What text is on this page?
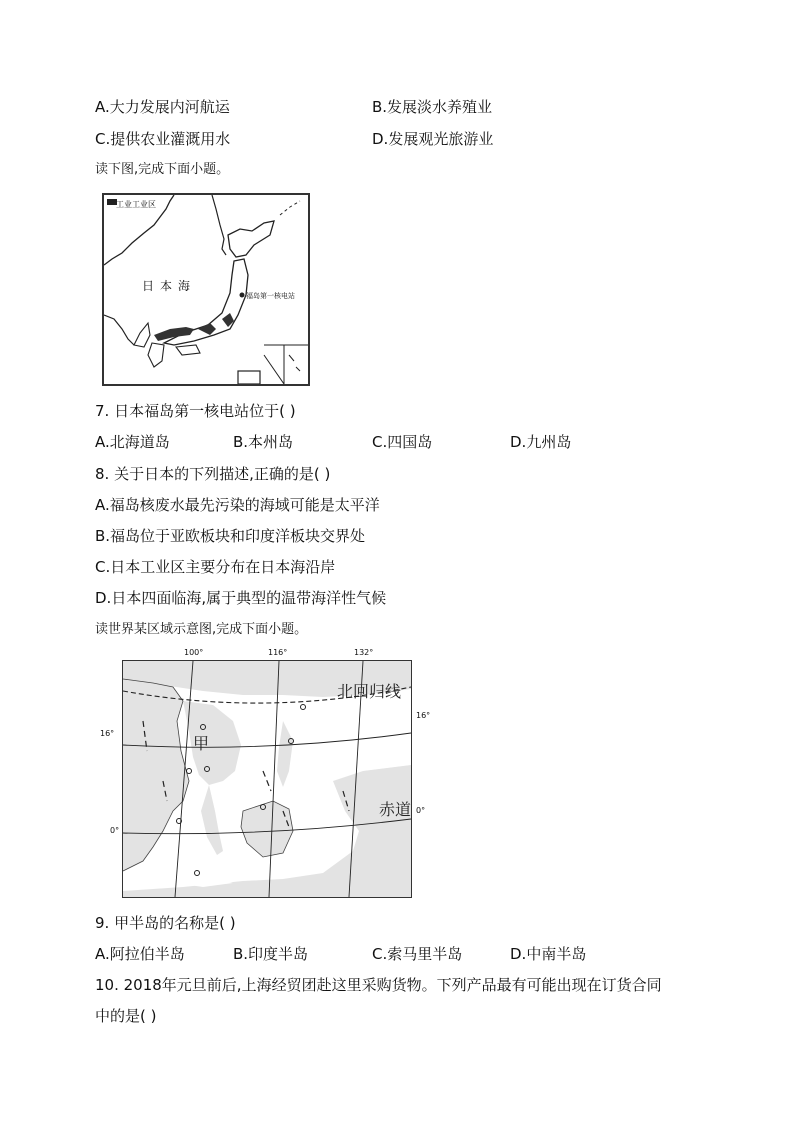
A.大力发展内河航运	B.发展淡水养殖业
C.提供农业灌溉用水	D.发展观光旅游业
读下图,完成下面小题。
工业工业区
日本海
福岛第一核电站
7. 日本福岛第一核电站位于( )
A.北海道岛	B.本州岛	C.四国岛	D.九州岛
8. 关于日本的下列描述,正确的是( )
A.福岛核废水最先污染的海域可能是太平洋
B.福岛位于亚欧板块和印度洋板块交界处
C.日本工业区主要分布在日本海沿岸
D.日本四面临海,属于典型的温带海洋性气候
读世界某区域示意图,完成下面小题。
100°	116°	132°
16°
0°
16°
0°
北回归线
赤道
甲
9. 甲半岛的名称是( )
A.阿拉伯半岛	B.印度半岛	C.索马里半岛	D.中南半岛
10. 2018年元旦前后,上海经贸团赴这里采购货物。下列产品最有可能出现在订货合同
中的是( )
